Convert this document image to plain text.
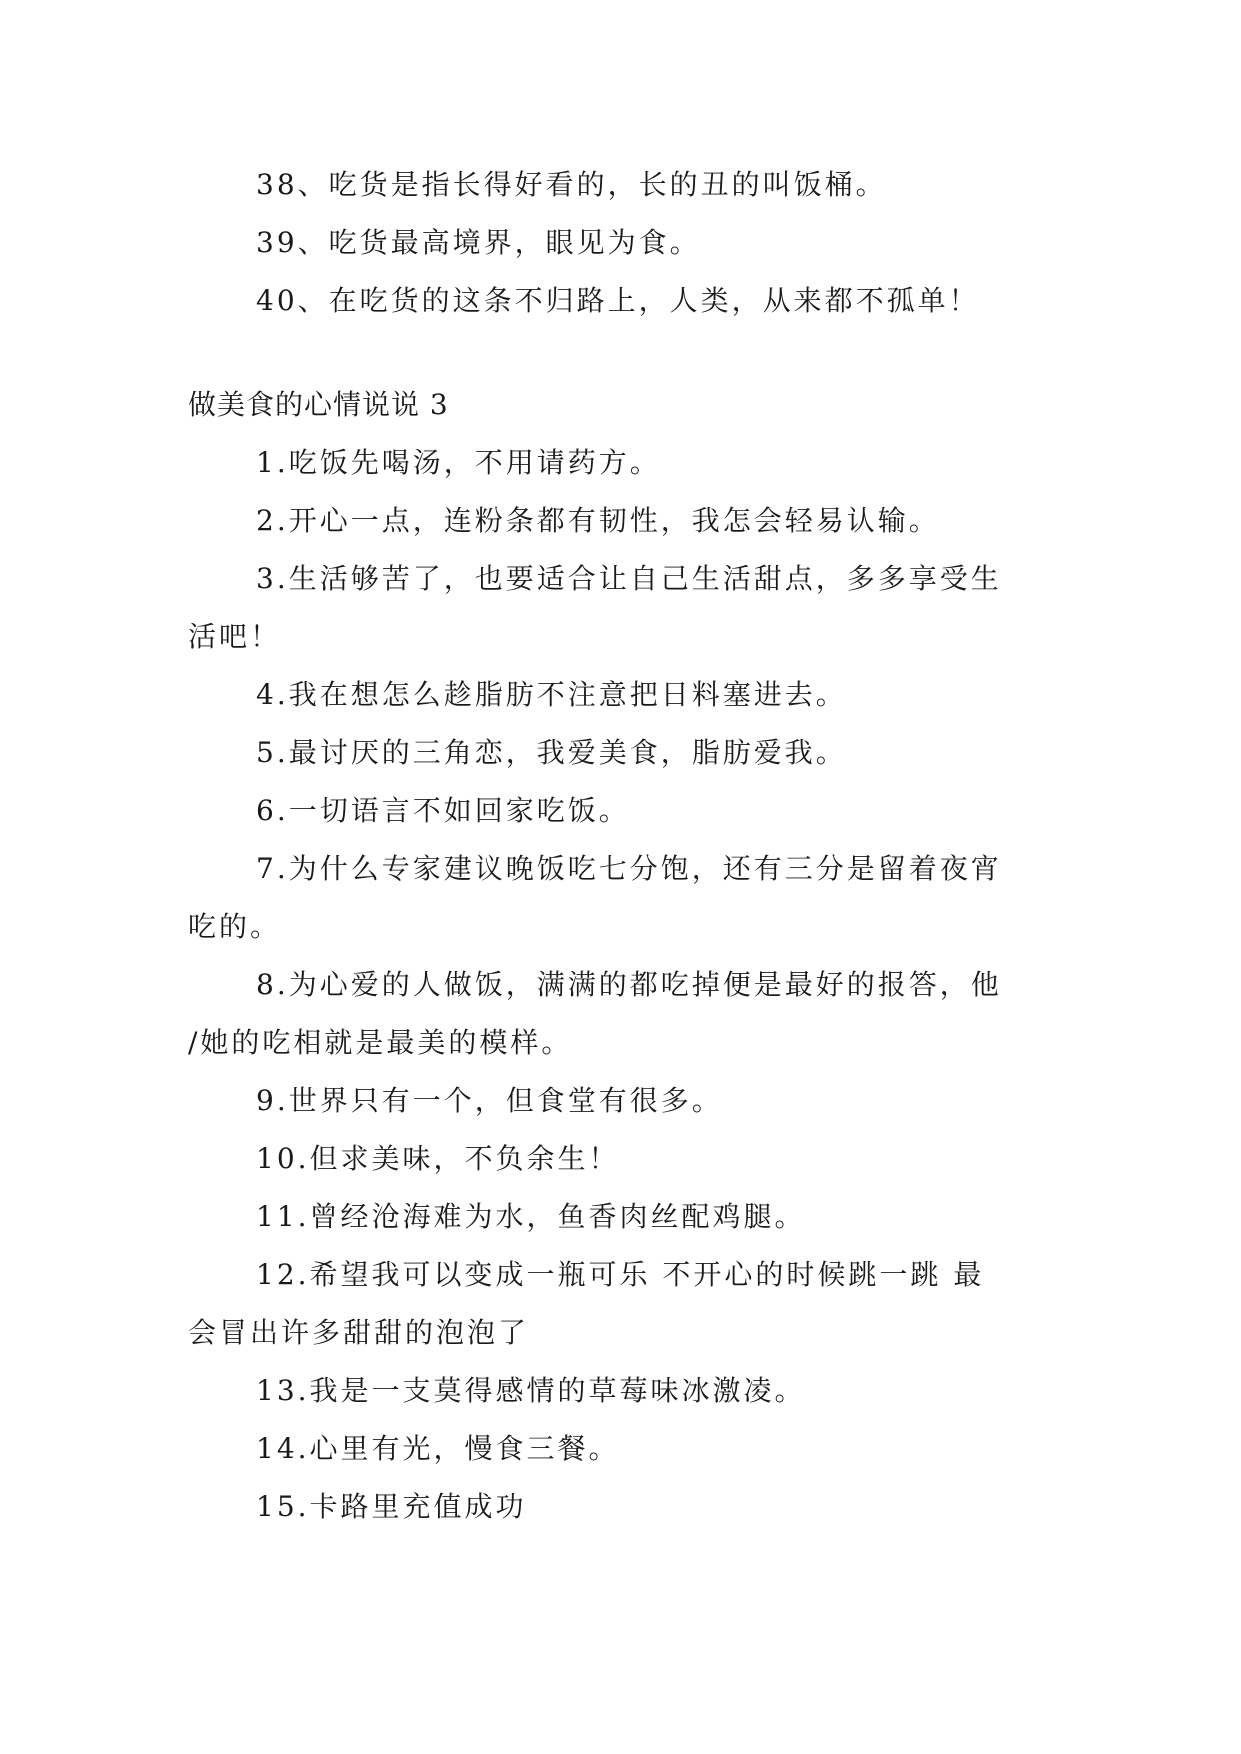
38、吃货是指长得好看的，长的丑的叫饭桶。
39、吃货最高境界，眼见为食。
40、在吃货的这条不归路上，人类，从来都不孤单！
做美食的心情说说 3
1.吃饭先喝汤，不用请药方。
2.开心一点，连粉条都有韧性，我怎会轻易认输。
3.生活够苦了，也要适合让自己生活甜点，多多享受生
活吧！
4.我在想怎么趁脂肪不注意把日料塞进去。
5.最讨厌的三角恋，我爱美食，脂肪爱我。
6.一切语言不如回家吃饭。
7.为什么专家建议晚饭吃七分饱，还有三分是留着夜宵
吃的。
8.为心爱的人做饭，满满的都吃掉便是最好的报答，他
/她的吃相就是最美的模样。
9.世界只有一个，但食堂有很多。
10.但求美味，不负余生！
11.曾经沧海难为水，鱼香肉丝配鸡腿。
12.希望我可以变成一瓶可乐 不开心的时候跳一跳 最
会冒出许多甜甜的泡泡了
13.我是一支莫得感情的草莓味冰激凌。
14.心里有光，慢食三餐。
15.卡路里充值成功
